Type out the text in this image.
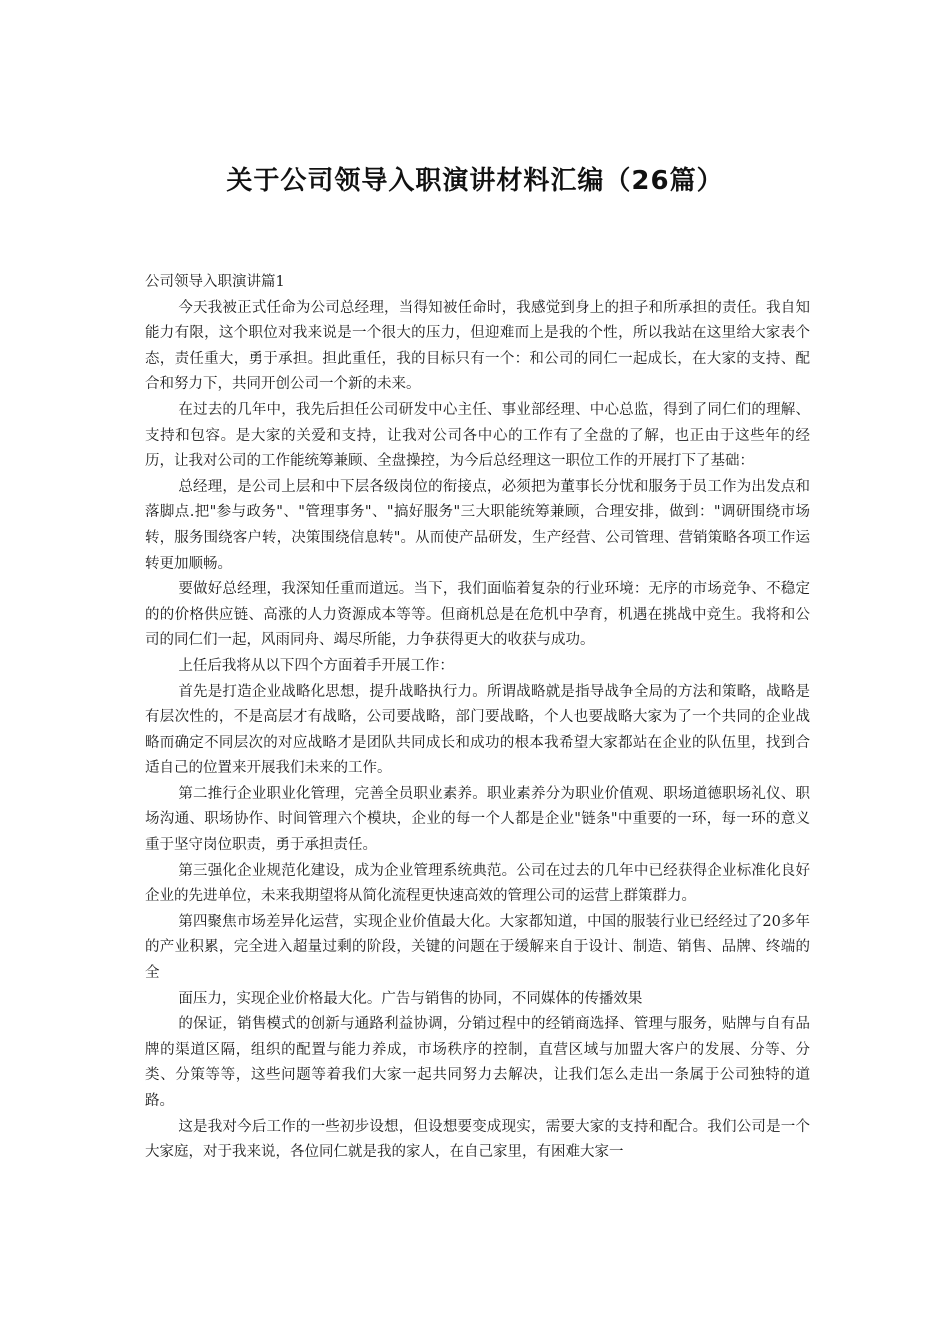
关于公司领导入职演讲材料汇编（26篇）

公司领导入职演讲篇1

今天我被正式任命为公司总经理，当得知被任命时，我感觉到身上的担子和所承担的责任。我自知能力有限，这个职位对我来说是一个很大的压力，但迎难而上是我的个性，所以我站在这里给大家表个态，责任重大，勇于承担。担此重任，我的目标只有一个：和公司的同仁一起成长，在大家的支持、配合和努力下，共同开创公司一个新的未来。

在过去的几年中，我先后担任公司研发中心主任、事业部经理、中心总监，得到了同仁们的理解、支持和包容。是大家的关爱和支持，让我对公司各中心的工作有了全盘的了解，也正由于这些年的经历，让我对公司的工作能统筹兼顾、全盘操控，为今后总经理这一职位工作的开展打下了基础：

总经理，是公司上层和中下层各级岗位的衔接点，必须把为董事长分忧和服务于员工作为出发点和落脚点.把"参与政务"、"管理事务"、"搞好服务"三大职能统筹兼顾，合理安排，做到："调研围绕市场转，服务围绕客户转，决策围绕信息转"。从而使产品研发，生产经营、公司管理、营销策略各项工作运转更加顺畅。

要做好总经理，我深知任重而道远。当下，我们面临着复杂的行业环境：无序的市场竞争、不稳定的的价格供应链、高涨的人力资源成本等等。但商机总是在危机中孕育，机遇在挑战中竞生。我将和公司的同仁们一起，风雨同舟、竭尽所能，力争获得更大的收获与成功。

上任后我将从以下四个方面着手开展工作：

首先是打造企业战略化思想，提升战略执行力。所谓战略就是指导战争全局的方法和策略，战略是有层次性的，不是高层才有战略，公司要战略，部门要战略，个人也要战略大家为了一个共同的企业战略而确定不同层次的对应战略才是团队共同成长和成功的根本我希望大家都站在企业的队伍里，找到合适自己的位置来开展我们未来的工作。

第二推行企业职业化管理，完善全员职业素养。职业素养分为职业价值观、职场道德职场礼仪、职场沟通、职场协作、时间管理六个模块，企业的每一个人都是企业"链条"中重要的一环，每一环的意义重于坚守岗位职责，勇于承担责任。

第三强化企业规范化建设，成为企业管理系统典范。公司在过去的几年中已经获得企业标准化良好企业的先进单位，未来我期望将从简化流程更快速高效的管理公司的运营上群策群力。

第四聚焦市场差异化运营，实现企业价值最大化。大家都知道，中国的服装行业已经经过了20多年的产业积累，完全进入超量过剩的阶段，关键的问题在于缓解来自于设计、制造、销售、品牌、终端的全

面压力，实现企业价格最大化。广告与销售的协同，不同媒体的传播效果

的保证，销售模式的创新与通路利益协调，分销过程中的经销商选择、管理与服务，贴牌与自有品牌的渠道区隔，组织的配置与能力养成，市场秩序的控制，直营区域与加盟大客户的发展、分等、分类、分策等等，这些问题等着我们大家一起共同努力去解决，让我们怎么走出一条属于公司独特的道路。

这是我对今后工作的一些初步设想，但设想要变成现实，需要大家的支持和配合。我们公司是一个大家庭，对于我来说，各位同仁就是我的家人，在自己家里，有困难大家一
